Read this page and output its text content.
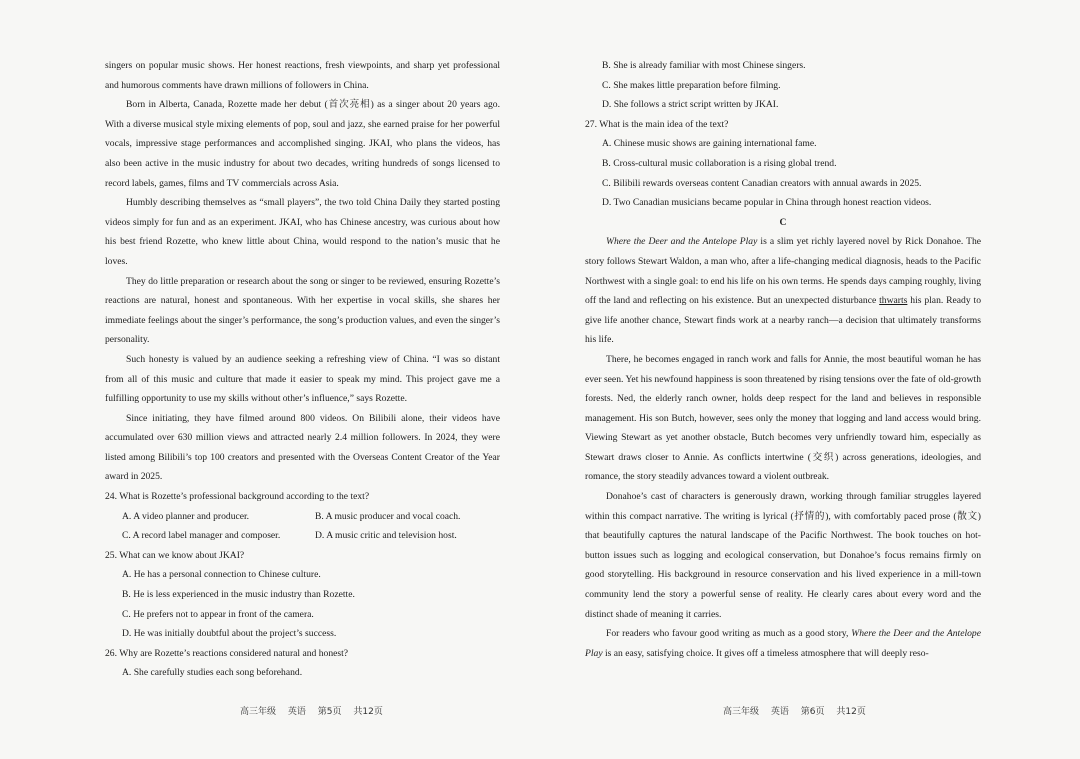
singers on popular music shows. Her honest reactions, fresh viewpoints, and sharp yet professional and humorous comments have drawn millions of followers in China.

Born in Alberta, Canada, Rozette made her debut (首次亮相) as a singer about 20 years ago. With a diverse musical style mixing elements of pop, soul and jazz, she earned praise for her powerful vocals, impressive stage performances and accomplished singing. JKAI, who plans the videos, has also been active in the music industry for about two decades, writing hundreds of songs licensed to record labels, games, films and TV commercials across Asia.

Humbly describing themselves as “small players”, the two told China Daily they started posting videos simply for fun and as an experiment. JKAI, who has Chinese ancestry, was curious about how his best friend Rozette, who knew little about China, would respond to the nation’s music that he loves.

They do little preparation or research about the song or singer to be reviewed, ensuring Rozette’s reactions are natural, honest and spontaneous. With her expertise in vocal skills, she shares her immediate feelings about the singer’s performance, the song’s production values, and even the singer’s personality.

Such honesty is valued by an audience seeking a refreshing view of China. “I was so distant from all of this music and culture that made it easier to speak my mind. This project gave me a fulfilling opportunity to use my skills without other’s influence,” says Rozette.

Since initiating, they have filmed around 800 videos. On Bilibili alone, their videos have accumulated over 630 million views and attracted nearly 2.4 million followers. In 2024, they were listed among Bilibili’s top 100 creators and presented with the Overseas Content Creator of the Year award in 2025.

24. What is Rozette’s professional background according to the text?

A. A video planner and producer.	B. A music producer and vocal coach.
C. A record label manager and composer.	D. A music critic and television host.

25. What can we know about JKAI?

A. He has a personal connection to Chinese culture.

B. He is less experienced in the music industry than Rozette.

C. He prefers not to appear in front of the camera.

D. He was initially doubtful about the project’s success.

26. Why are Rozette’s reactions considered natural and honest?

A. She carefully studies each song beforehand.

高三年级 英语 第5页 共12页

B. She is already familiar with most Chinese singers.

C. She makes little preparation before filming.

D. She follows a strict script written by JKAI.

27. What is the main idea of the text?

A. Chinese music shows are gaining international fame.

B. Cross-cultural music collaboration is a rising global trend.

C. Bilibili rewards overseas content Canadian creators with annual awards in 2025.

D. Two Canadian musicians became popular in China through honest reaction videos.

C

Where the Deer and the Antelope Play is a slim yet richly layered novel by Rick Donahoe. The story follows Stewart Waldon, a man who, after a life-changing medical diagnosis, heads to the Pacific Northwest with a single goal: to end his life on his own terms. He spends days camping roughly, living off the land and reflecting on his existence. But an unexpected disturbance thwarts his plan. Ready to give life another chance, Stewart finds work at a nearby ranch—a decision that ultimately transforms his life.

There, he becomes engaged in ranch work and falls for Annie, the most beautiful woman he has ever seen. Yet his newfound happiness is soon threatened by rising tensions over the fate of old-growth forests. Ned, the elderly ranch owner, holds deep respect for the land and believes in responsible management. His son Butch, however, sees only the money that logging and land access would bring. Viewing Stewart as yet another obstacle, Butch becomes very unfriendly toward him, especially as Stewart draws closer to Annie. As conflicts intertwine (交织) across generations, ideologies, and romance, the story steadily advances toward a violent outbreak.

Donahoe’s cast of characters is generously drawn, working through familiar struggles layered within this compact narrative. The writing is lyrical (抒情的), with comfortably paced prose (散文) that beautifully captures the natural landscape of the Pacific Northwest. The book touches on hot-button issues such as logging and ecological conservation, but Donahoe’s focus remains firmly on good storytelling. His background in resource conservation and his lived experience in a mill-town community lend the story a powerful sense of reality. He clearly cares about every word and the distinct shade of meaning it carries.

For readers who favour good writing as much as a good story, Where the Deer and the Antelope Play is an easy, satisfying choice. It gives off a timeless atmosphere that will deeply reso-

高三年级 英语 第6页 共12页
